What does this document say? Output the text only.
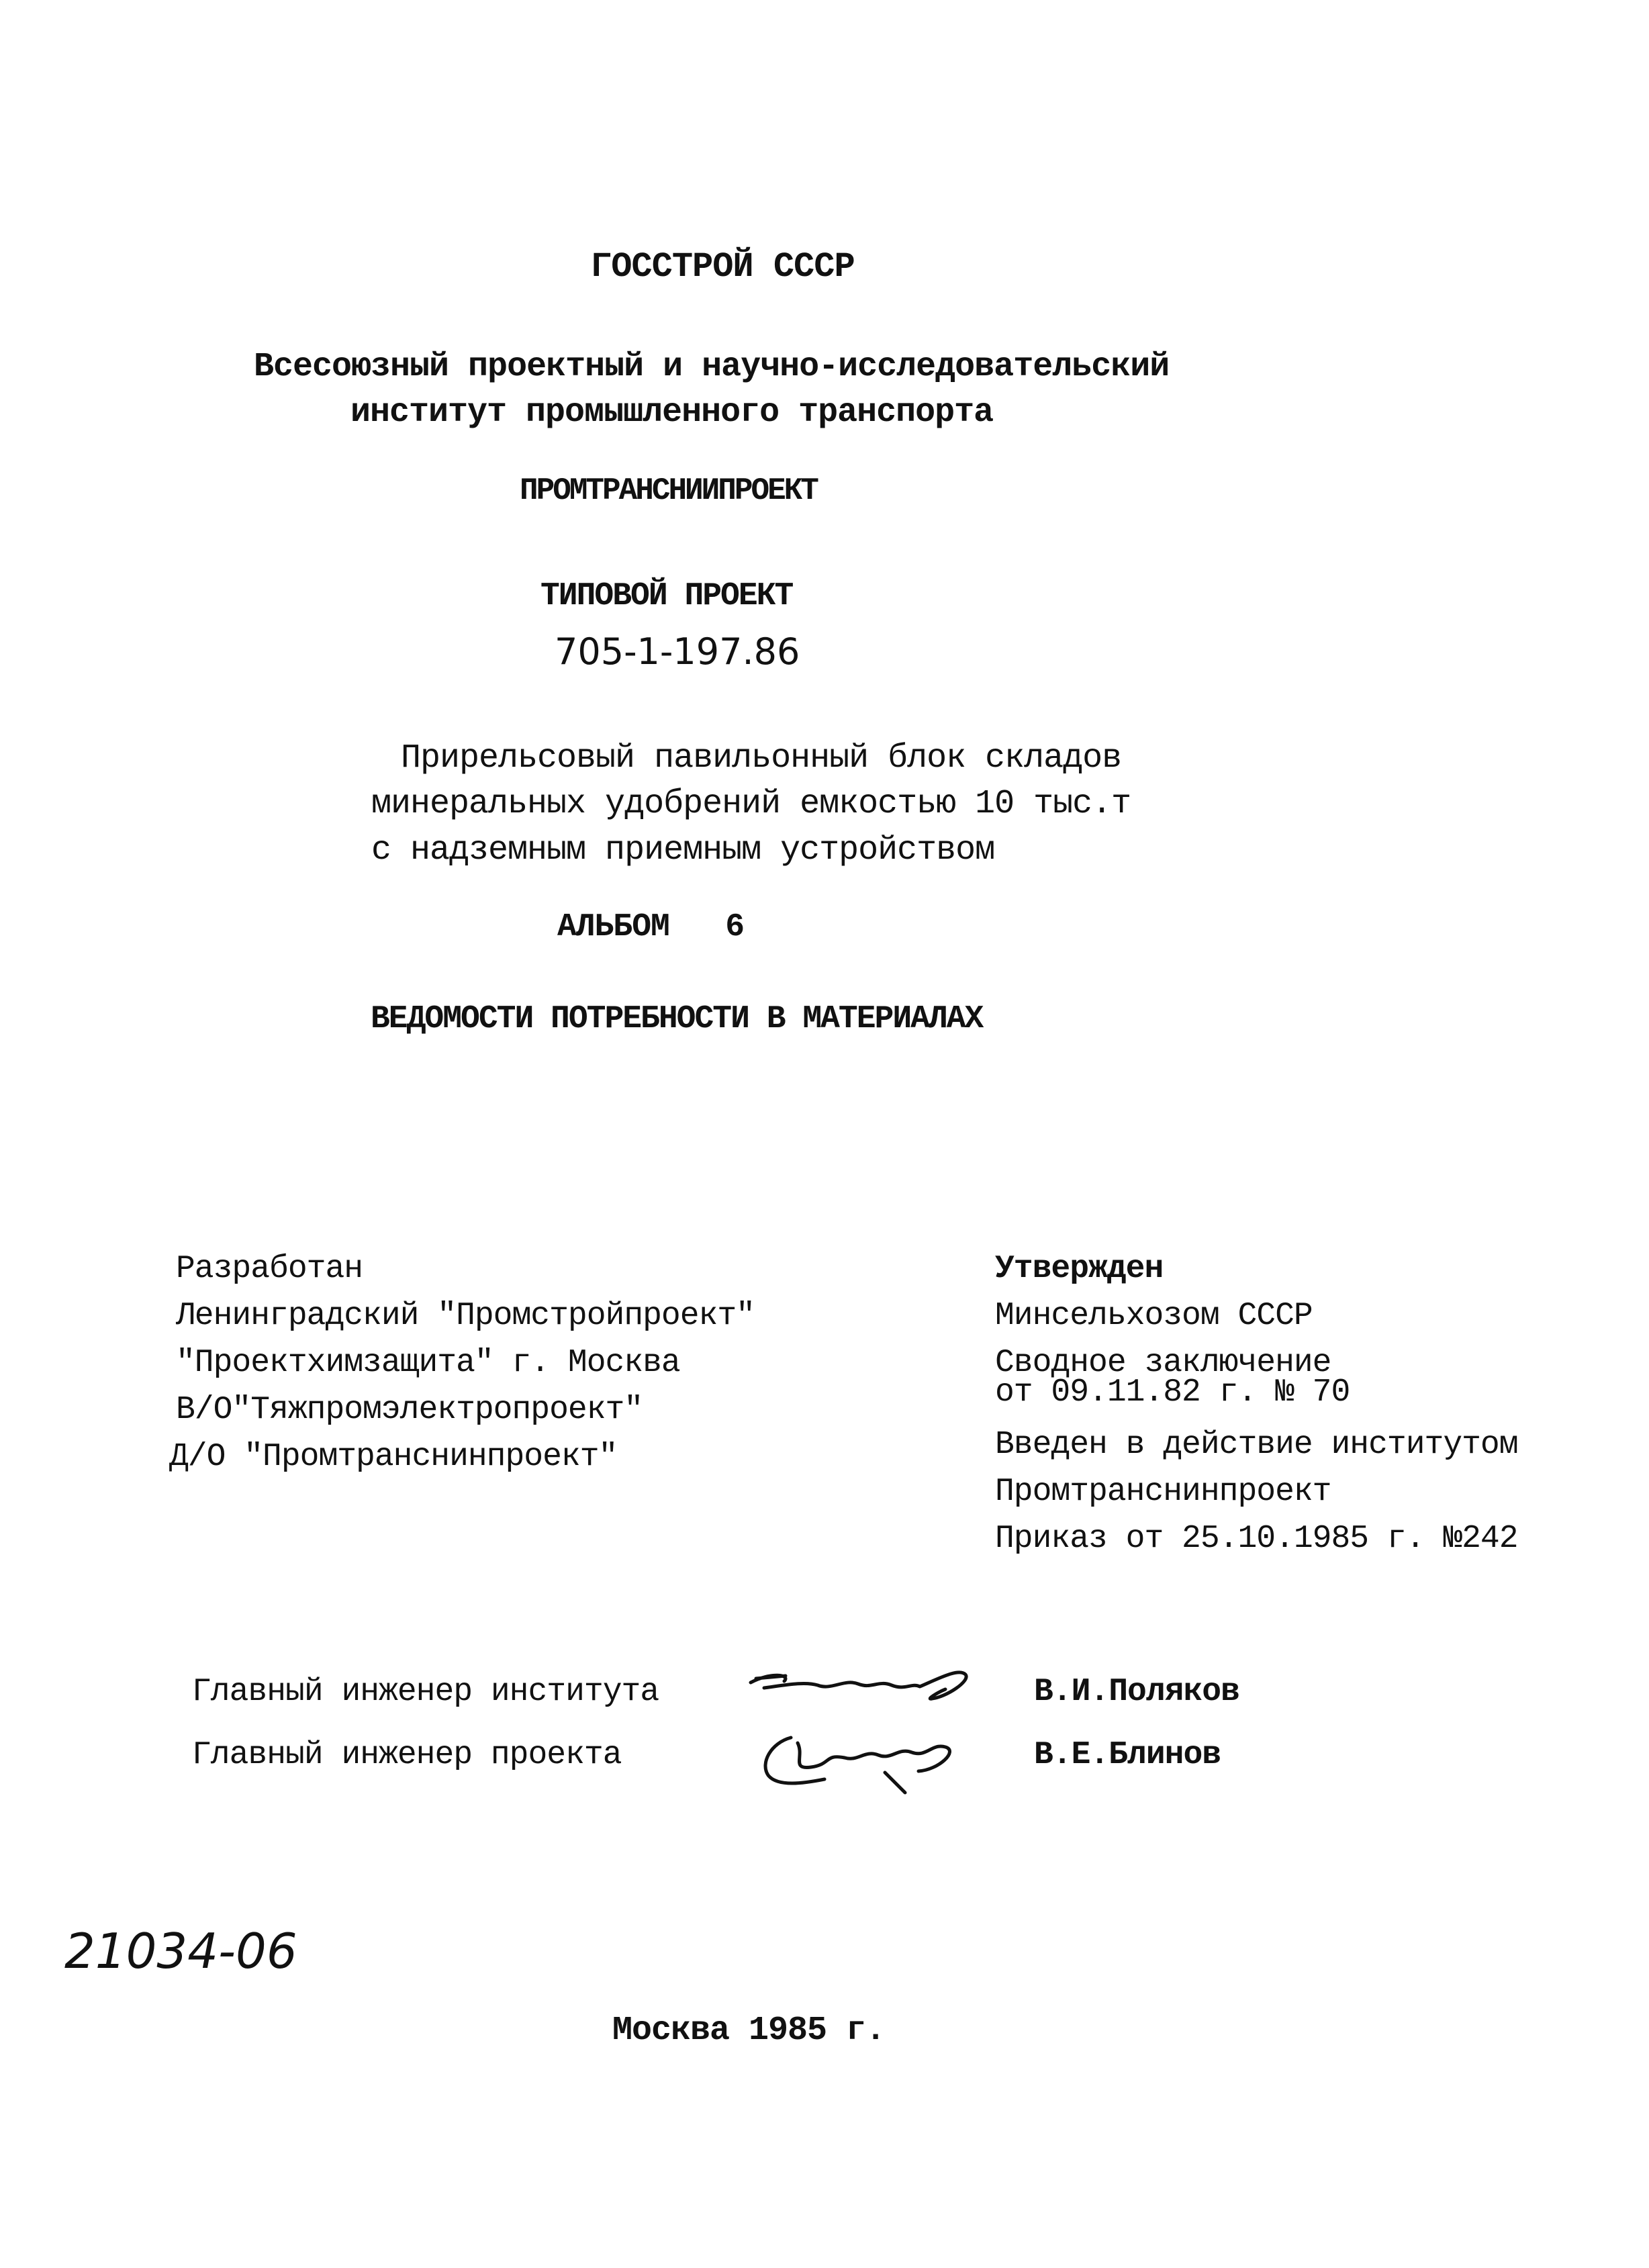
ГОССТРОЙ СССР
Всесоюзный проектный и научно-исследовательский
институт промышленного транспорта
ПРОМТРАНСНИИПРОЕКТ
ТИПОВОЙ ПРОЕКТ
705-1-197.86
Прирельсовый павильонный блок складов
минеральных удобрений емкостью 10 тыс.т
с надземным приемным устройством
АЛЬБОМ   6
ВЕДОМОСТИ ПОТРЕБНОСТИ В МАТЕРИАЛАХ
Разработан
Ленинградский "Промстройпроект"
"Проектхимзащита" г. Москва
В/О"Тяжпромэлектропроект"
Д/О "Промтранснинпроект"
Утвержден
Минсельхозом СССР
Сводное заключение
от 09.11.82 г. № 70
Введен в действие институтом
Промтранснинпроект
Приказ от 25.10.1985 г. №242
Главный инженер института	В.И.Поляков
Главный инженер проекта	В.Е.Блинов
21034-06
Москва 1985 г.
